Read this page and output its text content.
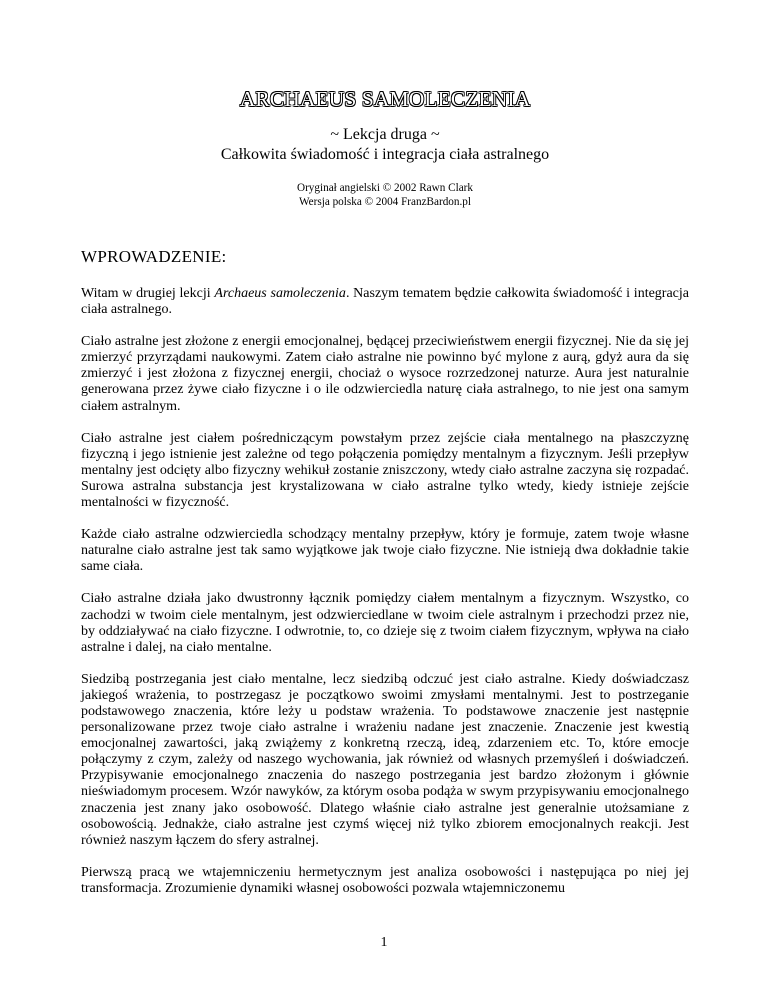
ARCHAEUS SAMOLECZENIA
~ Lekcja druga ~
Całkowita świadomość i integracja ciała astralnego
Oryginał angielski © 2002 Rawn Clark
Wersja polska © 2004 FranzBardon.pl
WPROWADZENIE:

Witam w drugiej lekcji Archaeus samoleczenia. Naszym tematem będzie całkowita świadomość i integracja ciała astralnego.

Ciało astralne jest złożone z energii emocjonalnej, będącej przeciwieństwem energii fizycznej. Nie da się jej zmierzyć przyrządami naukowymi. Zatem ciało astralne nie powinno być mylone z aurą, gdyż aura da się zmierzyć i jest złożona z fizycznej energii, chociaż o wysoce rozrzedzonej naturze. Aura jest naturalnie generowana przez żywe ciało fizyczne i o ile odzwierciedla naturę ciała astralnego, to nie jest ona samym ciałem astralnym.

Ciało astralne jest ciałem pośredniczącym powstałym przez zejście ciała mentalnego na płaszczyznę fizyczną i jego istnienie jest zależne od tego połączenia pomiędzy mentalnym a fizycznym. Jeśli przepływ mentalny jest odcięty albo fizyczny wehikuł zostanie zniszczony, wtedy ciało astralne zaczyna się rozpadać. Surowa astralna substancja jest krystalizowana w ciało astralne tylko wtedy, kiedy istnieje zejście mentalności w fizyczność.

Każde ciało astralne odzwierciedla schodzący mentalny przepływ, który je formuje, zatem twoje własne naturalne ciało astralne jest tak samo wyjątkowe jak twoje ciało fizyczne. Nie istnieją dwa dokładnie takie same ciała.

Ciało astralne działa jako dwustronny łącznik pomiędzy ciałem mentalnym a fizycznym. Wszystko, co zachodzi w twoim ciele mentalnym, jest odzwierciedlane w twoim ciele astralnym i przechodzi przez nie, by oddziaływać na ciało fizyczne. I odwrotnie, to, co dzieje się z twoim ciałem fizycznym, wpływa na ciało astralne i dalej, na ciało mentalne.

Siedzibą postrzegania jest ciało mentalne, lecz siedzibą odczuć jest ciało astralne. Kiedy doświadczasz jakiegoś wrażenia, to postrzegasz je początkowo swoimi zmysłami mentalnymi. Jest to postrzeganie podstawowego znaczenia, które leży u podstaw wrażenia. To podstawowe znaczenie jest następnie personalizowane przez twoje ciało astralne i wrażeniu nadane jest znaczenie. Znaczenie jest kwestią emocjonalnej zawartości, jaką zwiążemy z konkretną rzeczą, ideą, zdarzeniem etc. To, które emocje połączymy z czym, zależy od naszego wychowania, jak również od własnych przemyśleń i doświadczeń. Przypisywanie emocjonalnego znaczenia do naszego postrzegania jest bardzo złożonym i głównie nieświadomym procesem. Wzór nawyków, za którym osoba podąża w swym przypisywaniu emocjonalnego znaczenia jest znany jako osobowość. Dlatego właśnie ciało astralne jest generalnie utożsamiane z osobowością. Jednakże, ciało astralne jest czymś więcej niż tylko zbiorem emocjonalnych reakcji. Jest również naszym łączem do sfery astralnej.

Pierwszą pracą we wtajemniczeniu hermetycznym jest analiza osobowości i następująca po niej jej transformacja. Zrozumienie dynamiki własnej osobowości pozwala wtajemniczonemu

1
